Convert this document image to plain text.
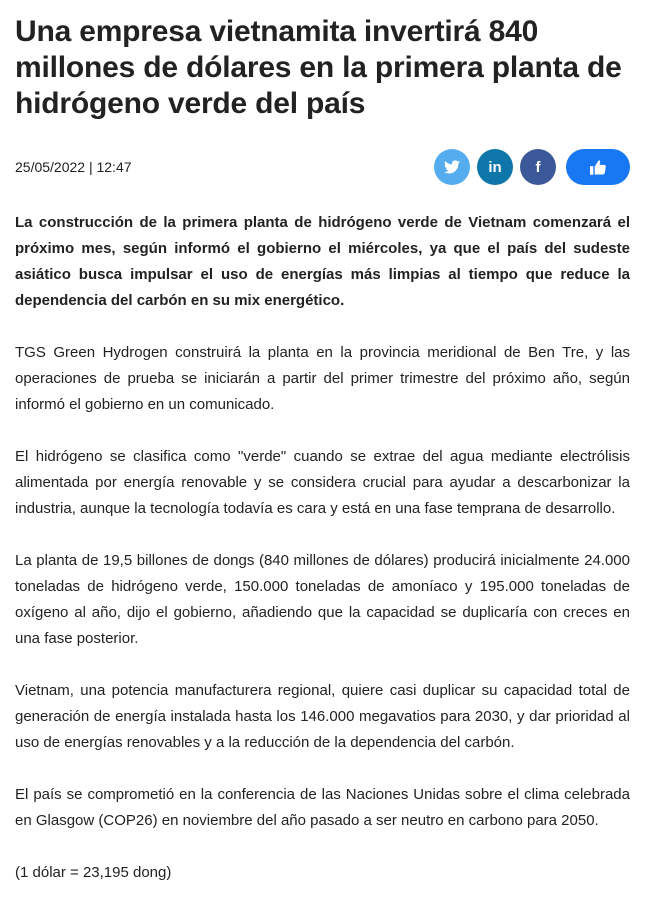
Una empresa vietnamita invertirá 840 millones de dólares en la primera planta de hidrógeno verde del país
25/05/2022 | 12:47	in f

La construcción de la primera planta de hidrógeno verde de Vietnam comenzará el próximo mes, según informó el gobierno el miércoles, ya que el país del sudeste asiático busca impulsar el uso de energías más limpias al tiempo que reduce la dependencia del carbón en su mix energético.

TGS Green Hydrogen construirá la planta en la provincia meridional de Ben Tre, y las operaciones de prueba se iniciarán a partir del primer trimestre del próximo año, según informó el gobierno en un comunicado.

El hidrógeno se clasifica como "verde" cuando se extrae del agua mediante electrólisis alimentada por energía renovable y se considera crucial para ayudar a descarbonizar la industria, aunque la tecnología todavía es cara y está en una fase temprana de desarrollo.

La planta de 19,5 billones de dongs (840 millones de dólares) producirá inicialmente 24.000 toneladas de hidrógeno verde, 150.000 toneladas de amoníaco y 195.000 toneladas de oxígeno al año, dijo el gobierno, añadiendo que la capacidad se duplicaría con creces en una fase posterior.

Vietnam, una potencia manufacturera regional, quiere casi duplicar su capacidad total de generación de energía instalada hasta los 146.000 megavatios para 2030, y dar prioridad al uso de energías renovables y a la reducción de la dependencia del carbón.

El país se comprometió en la conferencia de las Naciones Unidas sobre el clima celebrada en Glasgow (COP26) en noviembre del año pasado a ser neutro en carbono para 2050.

(1 dólar = 23,195 dong)
